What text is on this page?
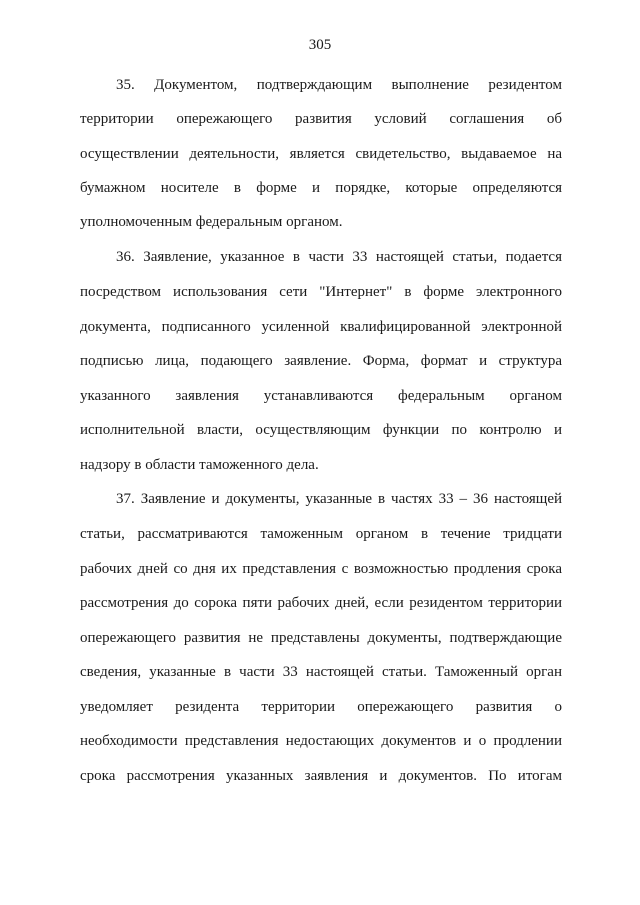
305
35. Документом, подтверждающим выполнение резидентом
территории опережающего развития условий соглашения об
осуществлении деятельности, является свидетельство, выдаваемое на
бумажном носителе в форме и порядке, которые определяются
уполномоченным федеральным органом.
36. Заявление, указанное в части 33 настоящей статьи, подается
посредством использования сети "Интернет" в форме электронного
документа, подписанного усиленной квалифицированной электронной
подписью лица, подающего заявление. Форма, формат и структура
указанного заявления устанавливаются федеральным органом
исполнительной власти, осуществляющим функции по контролю и
надзору в области таможенного дела.
37. Заявление и документы, указанные в частях 33 – 36 настоящей
статьи, рассматриваются таможенным органом в течение тридцати
рабочих дней со дня их представления с возможностью продления срока
рассмотрения до сорока пяти рабочих дней, если резидентом территории
опережающего развития не представлены документы, подтверждающие
сведения, указанные в части 33 настоящей статьи. Таможенный орган
уведомляет резидента территории опережающего развития о
необходимости представления недостающих документов и о продлении
срока рассмотрения указанных заявления и документов. По итогам
